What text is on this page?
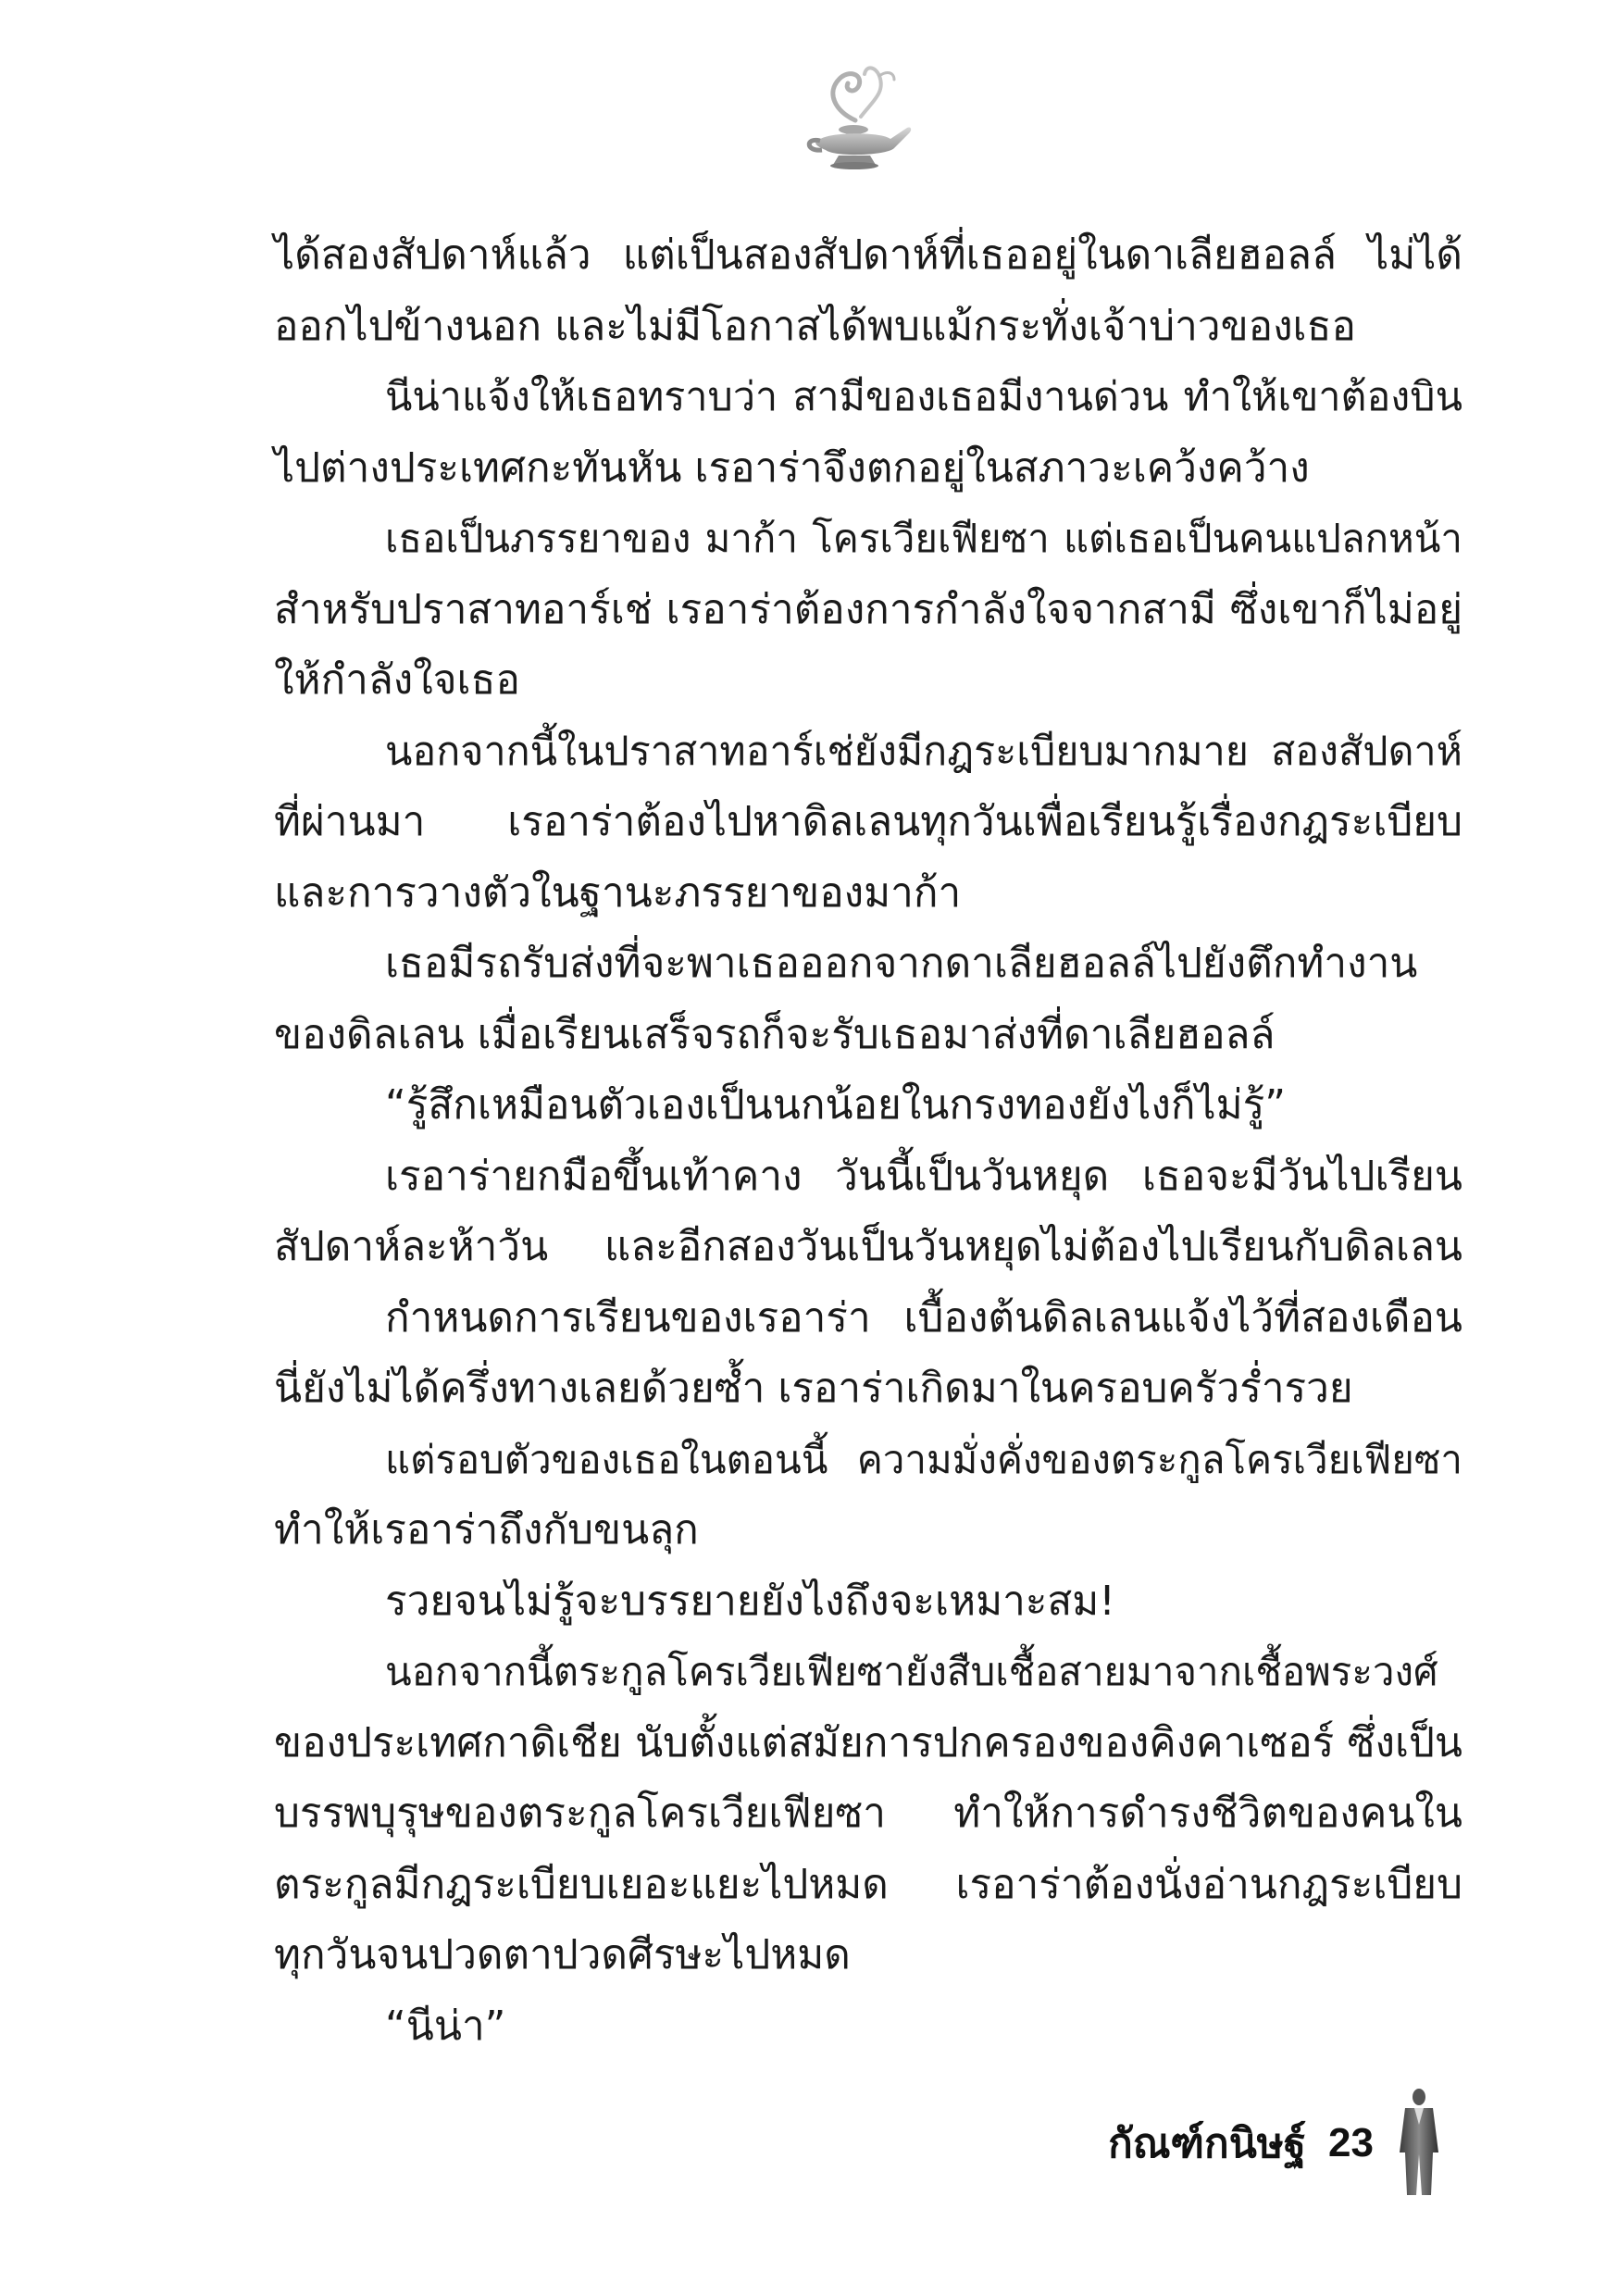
ได้สองสัปดาห์แล้ว แต่เป็นสองสัปดาห์ที่เธออยู่ในดาเลียฮอลล์ ไม่ได้
ออกไปข้างนอก และไม่มีโอกาสได้พบแม้กระทั่งเจ้าบ่าวของเธอ
นีน่าแจ้งให้เธอทราบว่า สามีของเธอมีงานด่วน ทำให้เขาต้องบิน
ไปต่างประเทศกะทันหัน เรอาร่าจึงตกอยู่ในสภาวะเคว้งคว้าง
เธอเป็นภรรยาของ มาก้า โครเวียเฟียซา แต่เธอเป็นคนแปลกหน้า
สำหรับปราสาทอาร์เช่ เรอาร่าต้องการกำลังใจจากสามี ซึ่งเขาก็ไม่อยู่
ให้กำลังใจเธอ
นอกจากนี้ในปราสาทอาร์เช่ยังมีกฎระเบียบมากมาย สองสัปดาห์
ที่ผ่านมา เรอาร่าต้องไปหาดิลเลนทุกวันเพื่อเรียนรู้เรื่องกฎระเบียบ
และการวางตัวในฐานะภรรยาของมาก้า
เธอมีรถรับส่งที่จะพาเธอออกจากดาเลียฮอลล์ไปยังตึกทำงาน
ของดิลเลน เมื่อเรียนเสร็จรถก็จะรับเธอมาส่งที่ดาเลียฮอลล์
“รู้สึกเหมือนตัวเองเป็นนกน้อยในกรงทองยังไงก็ไม่รู้”
เรอาร่ายกมือขึ้นเท้าคาง วันนี้เป็นวันหยุด เธอจะมีวันไปเรียน
สัปดาห์ละห้าวัน และอีกสองวันเป็นวันหยุดไม่ต้องไปเรียนกับดิลเลน
กำหนดการเรียนของเรอาร่า เบื้องต้นดิลเลนแจ้งไว้ที่สองเดือน
นี่ยังไม่ได้ครึ่งทางเลยด้วยซ้ำ เรอาร่าเกิดมาในครอบครัวร่ำรวย
แต่รอบตัวของเธอในตอนนี้ ความมั่งคั่งของตระกูลโครเวียเฟียซา
ทำให้เรอาร่าถึงกับขนลุก
รวยจนไม่รู้จะบรรยายยังไงถึงจะเหมาะสม!
นอกจากนี้ตระกูลโครเวียเฟียซายังสืบเชื้อสายมาจากเชื้อพระวงศ์
ของประเทศกาดิเชีย นับตั้งแต่สมัยการปกครองของคิงคาเซอร์ ซึ่งเป็น
บรรพบุรุษของตระกูลโครเวียเฟียซา ทำให้การดำรงชีวิตของคนใน
ตระกูลมีกฎระเบียบเยอะแยะไปหมด เรอาร่าต้องนั่งอ่านกฎระเบียบ
ทุกวันจนปวดตาปวดศีรษะไปหมด
“นีน่า”
กัณฑ์กนิษฐ์ 23
